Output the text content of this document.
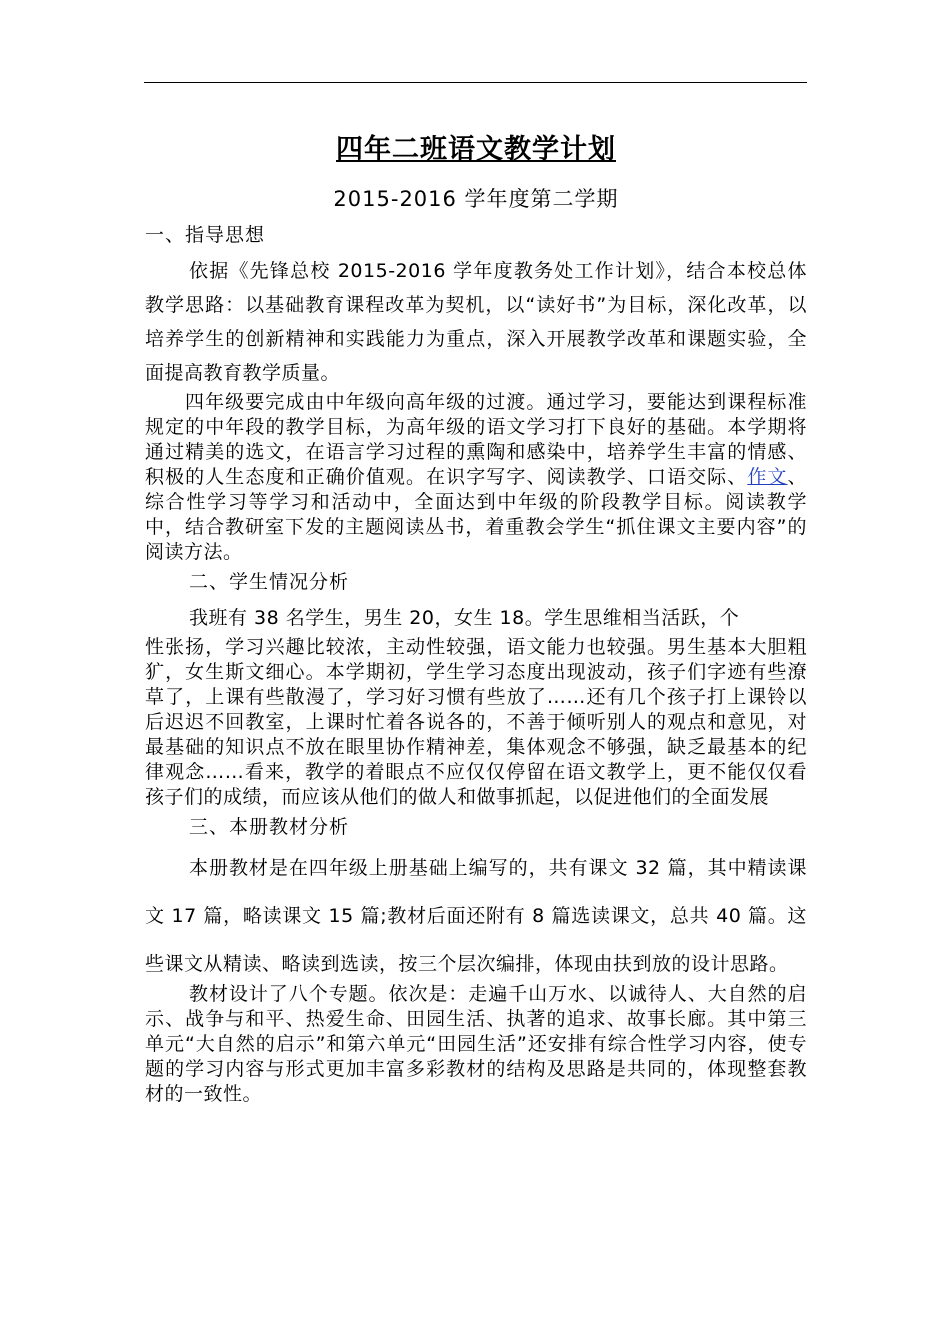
四年二班语文教学计划
2015-2016 学年度第二学期
一、指导思想

依据《先锋总校 2015-2016 学年度教务处工作计划》，结合本校总体教学思路：以基础教育课程改革为契机，以“读好书”为目标，深化改革，以培养学生的创新精神和实践能力为重点，深入开展教学改革和课题实验，全面提高教育教学质量。

四年级要完成由中年级向高年级的过渡。通过学习，要能达到课程标准规定的中年段的教学目标，为高年级的语文学习打下良好的基础。本学期将通过精美的选文，在语言学习过程的熏陶和感染中，培养学生丰富的情感、积极的人生态度和正确价值观。在识字写字、阅读教学、口语交际、作文、综合性学习等学习和活动中，全面达到中年级的阶段教学目标。阅读教学中，结合教研室下发的主题阅读丛书，着重教会学生“抓住课文主要内容”的阅读方法。

二、学生情况分析

我班有 38 名学生，男生 20，女生 18。学生思维相当活跃，个

性张扬，学习兴趣比较浓，主动性较强，语文能力也较强。男生基本大胆粗犷，女生斯文细心。本学期初，学生学习态度出现波动，孩子们字迹有些潦草了，上课有些散漫了，学习好习惯有些放了……还有几个孩子打上课铃以后迟迟不回教室，上课时忙着各说各的，不善于倾听别人的观点和意见，对最基础的知识点不放在眼里协作精神差，集体观念不够强，缺乏最基本的纪律观念……看来，教学的着眼点不应仅仅停留在语文教学上，更不能仅仅看孩子们的成绩，而应该从他们的做人和做事抓起，以促进他们的全面发展

三、本册教材分析

本册教材是在四年级上册基础上编写的，共有课文 32 篇，其中精读课文 17 篇，略读课文 15 篇;教材后面还附有 8 篇选读课文，总共 40 篇。这些课文从精读、略读到选读，按三个层次编排，体现由扶到放的设计思路。

教材设计了八个专题。依次是：走遍千山万水、以诚待人、大自然的启示、战争与和平、热爱生命、田园生活、执著的追求、故事长廊。其中第三单元“大自然的启示”和第六单元“田园生活”还安排有综合性学习内容，使专题的学习内容与形式更加丰富多彩教材的结构及思路是共同的，体现整套教材的一致性。
